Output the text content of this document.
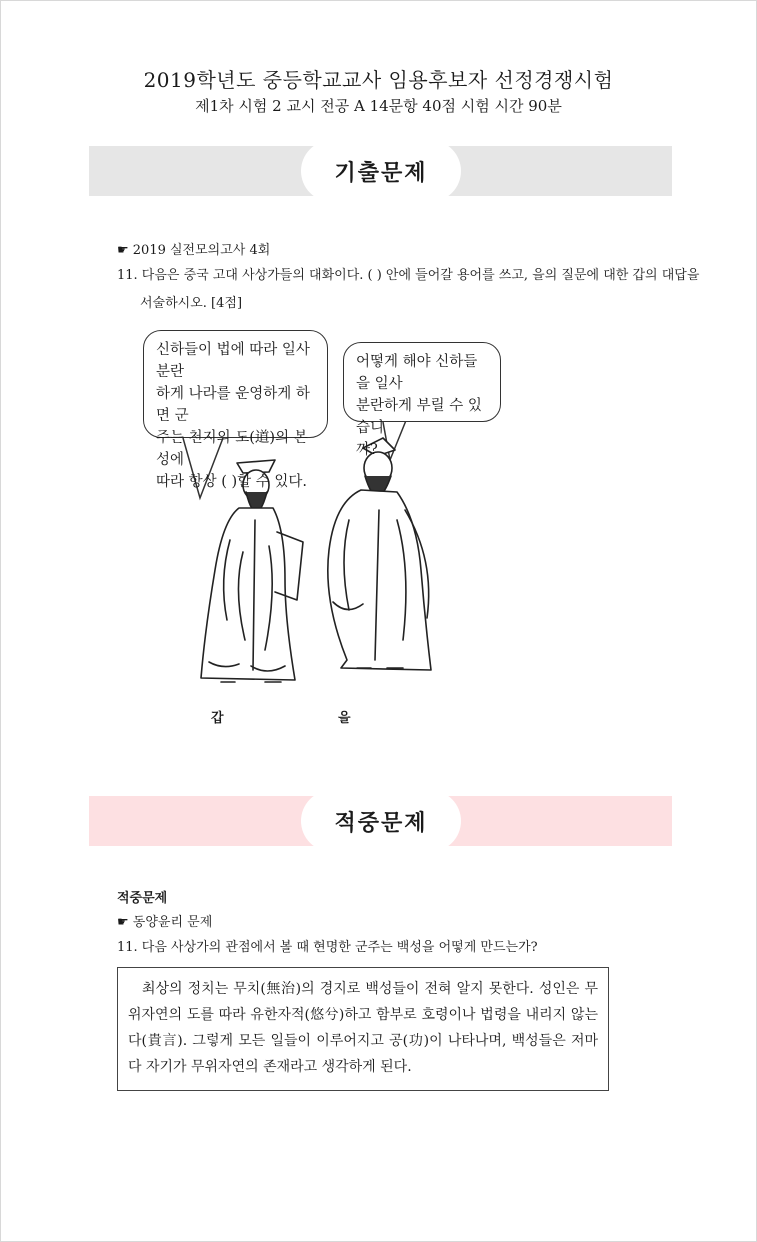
2019학년도 중등학교교사 임용후보자 선정경쟁시험
제1차 시험 2 교시 전공 A 14문항 40점 시험 시간 90분
기출문제
☛ 2019 실전모의고사 4회
11. 다음은 중국 고대 사상가들의 대화이다. ( ) 안에 들어갈 용어를 쓰고, 을의 질문에 대한 갑의 대답을
서술하시오. [4점]
신하들이 법에 따라 일사분란
하게 나라를 운영하게 하면 군
주는 천지의 도(道)의 본성에
따라 항상 ( )할 수 있다.
어떻게 해야 신하들을 일사
분란하게 부릴 수 있습니
까?
갑	을
적중문제
적중문제
☛ 동양윤리 문제
11. 다음 사상가의 관점에서 볼 때 현명한 군주는 백성을 어떻게 만드는가?
최상의 정치는 무치(無治)의 경지로 백성들이 전혀 알지 못한다. 성인은 무위자연의 도를 따라 유한자적(悠兮)하고 함부로 호령이나 법령을 내리지 않는다(貴言). 그렇게 모든 일들이 이루어지고 공(功)이 나타나며, 백성들은 저마다 자기가 무위자연의 존재라고 생각하게 된다.
